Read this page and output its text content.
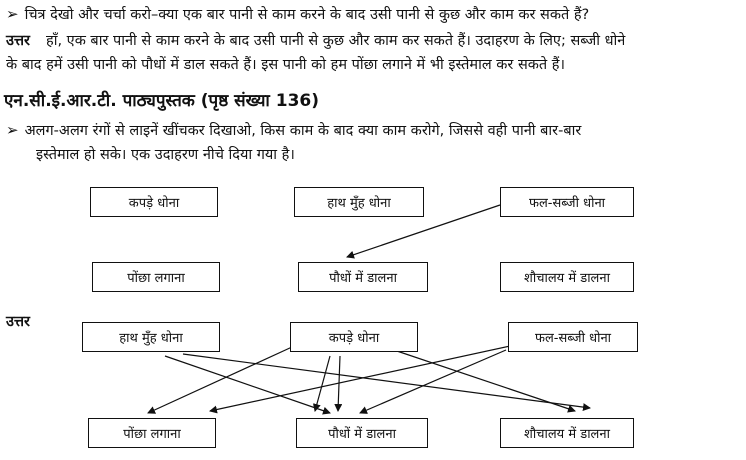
➢ चित्र देखो और चर्चा करो–क्या एक बार पानी से काम करने के बाद उसी पानी से कुछ और काम कर सकते हैं?
उत्तर हाँ, एक बार पानी से काम करने के बाद उसी पानी से कुछ और काम कर सकते हैं। उदाहरण के लिए; सब्जी धोने
के बाद हमें उसी पानी को पौधों में डाल सकते हैं। इस पानी को हम पोंछा लगाने में भी इस्तेमाल कर सकते हैं।
एन.सी.ई.आर.टी. पाठ्यपुस्तक (पृष्ठ संख्या 136)
➢ अलग-अलग रंगों से लाइनें खींचकर दिखाओ, किस काम के बाद क्या काम करोगे, जिससे वही पानी बार-बार
इस्तेमाल हो सके। एक उदाहरण नीचे दिया गया है।
कपड़े धोना	हाथ मुँह धोना	फल-सब्जी धोना
पोंछा लगाना	पौधों में डालना	शौचालय में डालना
उत्तर
हाथ मुँह धोना	कपड़े धोना	फल-सब्जी धोना
पोंछा लगाना	पौधों में डालना	शौचालय में डालना
